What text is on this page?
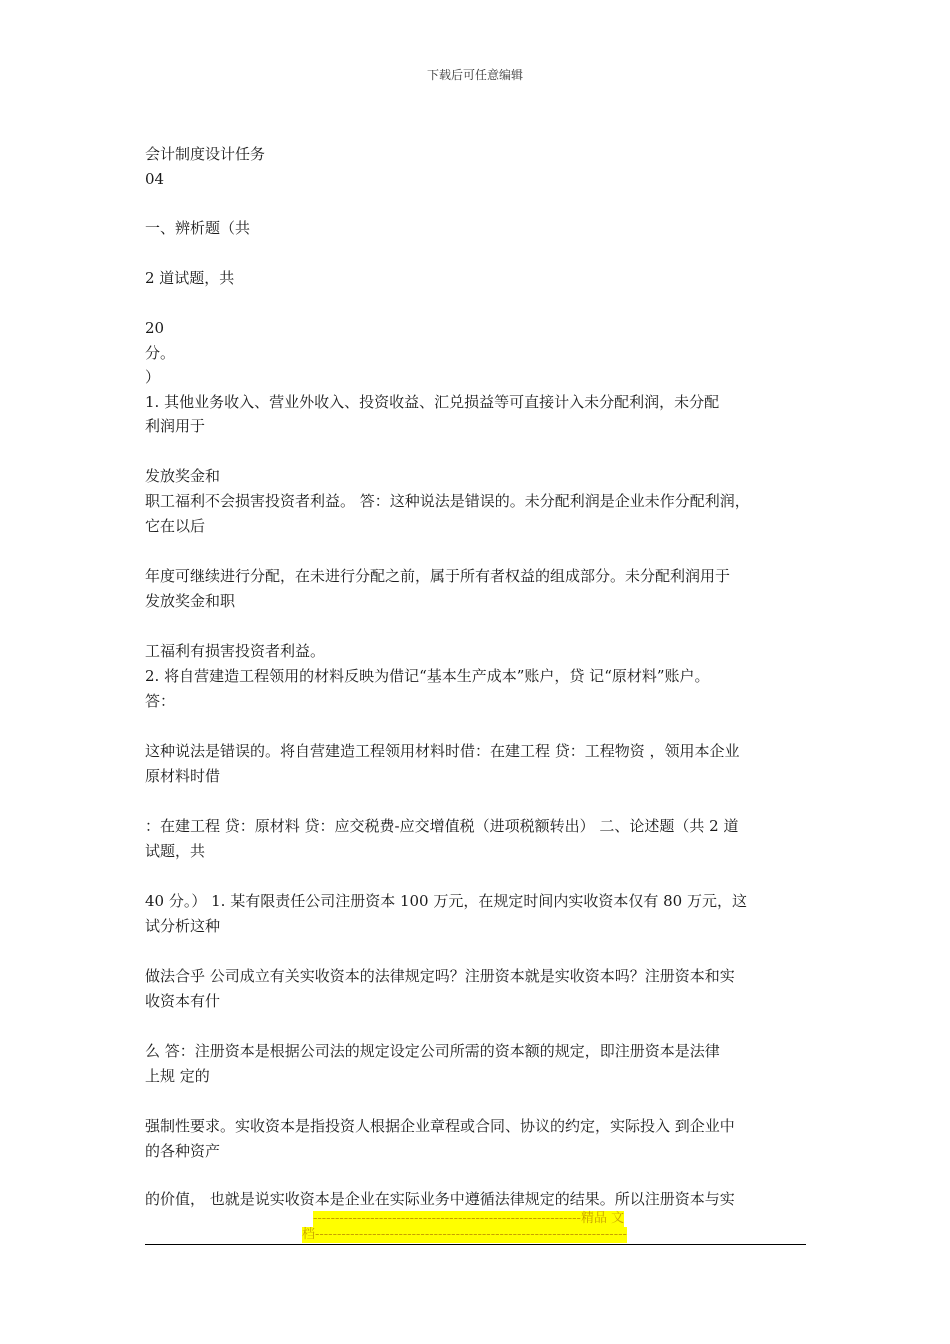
下载后可任意编辑
会计制度设计任务
04
一、辨析题（共
2 道试题，共
20
分。
）
1. 其他业务收入、营业外收入、投资收益、汇兑损益等可直接计入未分配利润，未分配
利润用于
发放奖金和
职工福利不会损害投资者利益。 答：这种说法是错误的。未分配利润是企业未作分配利润，
它在以后
年度可继续进行分配，在未进行分配之前，属于所有者权益的组成部分。未分配利润用于
发放奖金和职
工福利有损害投资者利益。
2. 将自营建造工程领用的材料反映为借记“基本生产成本”账户，贷 记“原材料”账户。
答：
这种说法是错误的。将自营建造工程领用材料时借：在建工程 贷：工程物资 ，领用本企业
原材料时借
：在建工程 贷：原材料 贷：应交税费-应交增值税（进项税额转出） 二、论述题（共 2 道
试题，共
40 分。） 1. 某有限责任公司注册资本 100 万元，在规定时间内实收资本仅有 80 万元，这
试分析这种
做法合乎 公司成立有关实收资本的法律规定吗？注册资本就是实收资本吗？注册资本和实
收资本有什
么 答：注册资本是根据公司法的规定设定公司所需的资本额的规定，即注册资本是法律
上规 定的
强制性要求。实收资本是指投资人根据企业章程或合同、协议的约定，实际投入 到企业中
的各种资产
的价值， 也就是说实收资本是企业在实际业务中遵循法律规定的结果。所以注册资本与实
-------------------------------------------------------------精品 文
档-----------------------------------------------------------------------
